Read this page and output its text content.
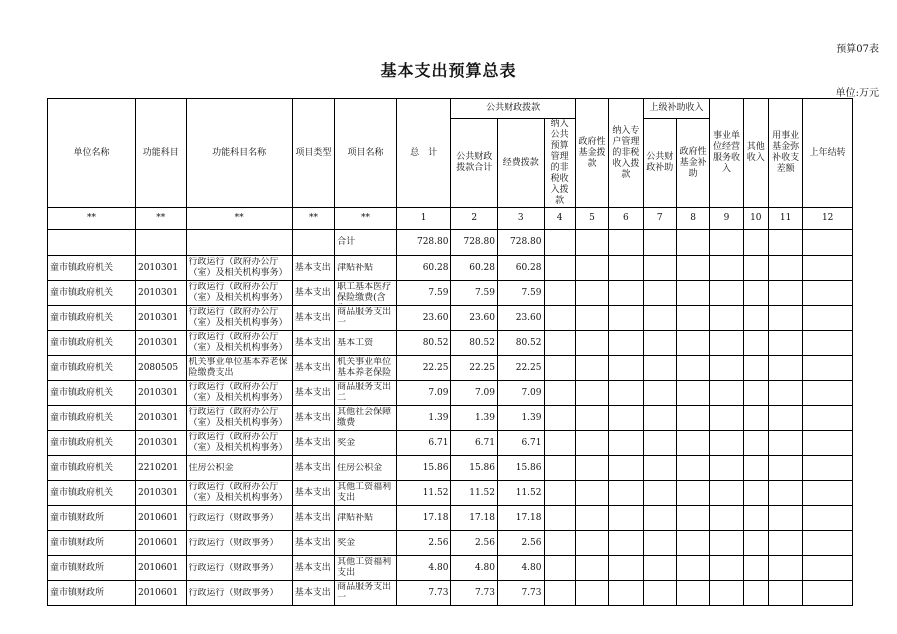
预算07表
基本支出预算总表
单位:万元
单位名称	功能科目	功能科目名称	项目类型	项目名称	总　计	公共财政拨款			政府性基金拨款	纳入专户管理的非税收入拨款	上级补助收入		事业单位经营服务收入	其他收入	用事业基金弥补收支差额	上年结转
						公共财政拨款合计	经费拨款	纳入公共预算管理的非税收入拨款			公共财政补助	政府性基金补助				
**	**	**	**	**	1	2	3	4	5	6	7	8	9	10	11	12
				合计	728.80	728.80	728.80									
童市镇政府机关	2010301	行政运行（政府办公厅（室）及相关机构事务）	基本支出	津贴补贴	60.28	60.28	60.28									
童市镇政府机关	2010301	行政运行（政府办公厅（室）及相关机构事务）	基本支出	职工基本医疗保险缴费(含	7.59	7.59	7.59									
童市镇政府机关	2010301	行政运行（政府办公厅（室）及相关机构事务）	基本支出	商品服务支出一	23.60	23.60	23.60									
童市镇政府机关	2010301	行政运行（政府办公厅（室）及相关机构事务）	基本支出	基本工资	80.52	80.52	80.52									
童市镇政府机关	2080505	机关事业单位基本养老保险缴费支出	基本支出	机关事业单位基本养老保险	22.25	22.25	22.25									
童市镇政府机关	2010301	行政运行（政府办公厅（室）及相关机构事务）	基本支出	商品服务支出二	7.09	7.09	7.09									
童市镇政府机关	2010301	行政运行（政府办公厅（室）及相关机构事务）	基本支出	其他社会保障缴费	1.39	1.39	1.39									
童市镇政府机关	2010301	行政运行（政府办公厅（室）及相关机构事务）	基本支出	奖金	6.71	6.71	6.71									
童市镇政府机关	2210201	住房公积金	基本支出	住房公积金	15.86	15.86	15.86									
童市镇政府机关	2010301	行政运行（政府办公厅（室）及相关机构事务）	基本支出	其他工资福利支出	11.52	11.52	11.52									
童市镇财政所	2010601	行政运行（财政事务）	基本支出	津贴补贴	17.18	17.18	17.18									
童市镇财政所	2010601	行政运行（财政事务）	基本支出	奖金	2.56	2.56	2.56									
童市镇财政所	2010601	行政运行（财政事务）	基本支出	其他工资福利支出	4.80	4.80	4.80									
童市镇财政所	2010601	行政运行（财政事务）	基本支出	商品服务支出一	7.73	7.73	7.73									
